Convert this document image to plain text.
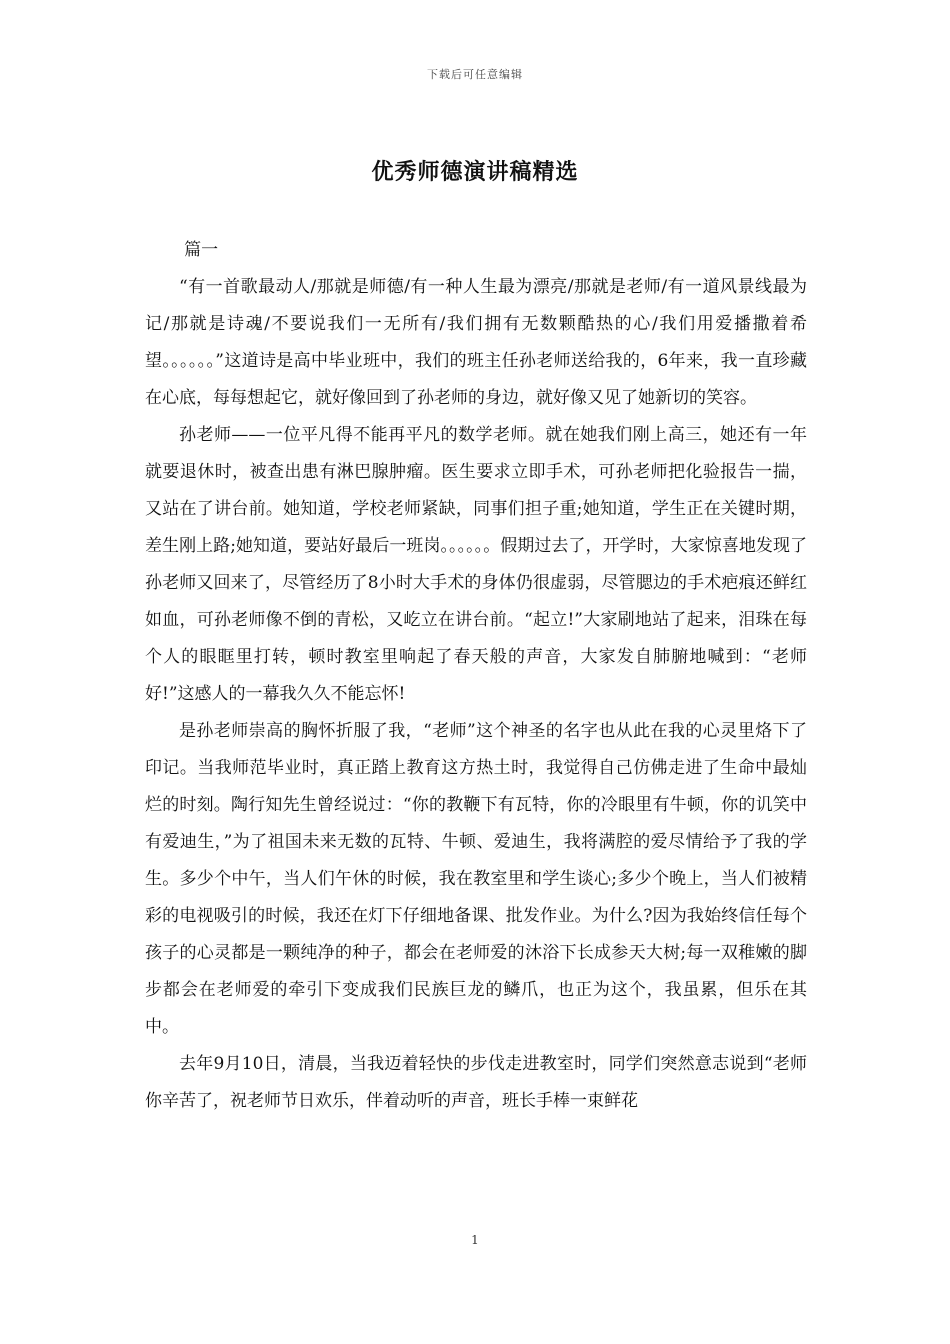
下载后可任意编辑
优秀师德演讲稿精选

篇一

“有一首歌最动人/那就是师德/有一种人生最为漂亮/那就是老师/有一道风景线最为记/那就是诗魂/不要说我们一无所有/我们拥有无数颗酷热的心/我们用爱播撒着希望。。。。。。”这道诗是高中毕业班中，我们的班主任孙老师送给我的，6年来，我一直珍藏在心底，每每想起它，就好像回到了孙老师的身边，就好像又见了她新切的笑容。

孙老师——一位平凡得不能再平凡的数学老师。就在她我们刚上高三，她还有一年就要退休时，被查出患有淋巴腺肿瘤。医生要求立即手术，可孙老师把化验报告一揣，又站在了讲台前。她知道，学校老师紧缺，同事们担子重;她知道，学生正在关键时期，差生刚上路;她知道，要站好最后一班岗。。。。。。假期过去了，开学时，大家惊喜地发现了孙老师又回来了，尽管经历了8小时大手术的身体仍很虚弱，尽管腮边的手术疤痕还鲜红如血，可孙老师像不倒的青松，又屹立在讲台前。“起立!”大家刷地站了起来，泪珠在每个人的眼眶里打转，顿时教室里响起了春天般的声音，大家发自肺腑地喊到：“老师好!”这感人的一幕我久久不能忘怀!

是孙老师崇高的胸怀折服了我，“老师”这个神圣的名字也从此在我的心灵里烙下了印记。当我师范毕业时，真正踏上教育这方热土时，我觉得自己仿佛走进了生命中最灿烂的时刻。陶行知先生曾经说过：“你的教鞭下有瓦特，你的冷眼里有牛顿，你的讥笑中有爱迪生，”为了祖国未来无数的瓦特、牛顿、爱迪生，我将满腔的爱尽情给予了我的学生。多少个中午，当人们午休的时候，我在教室里和学生谈心;多少个晚上，当人们被精彩的电视吸引的时候，我还在灯下仔细地备课、批发作业。为什么?因为我始终信任每个孩子的心灵都是一颗纯净的种子，都会在老师爱的沐浴下长成参天大树;每一双稚嫩的脚步都会在老师爱的牵引下变成我们民族巨龙的鳞爪，也正为这个，我虽累，但乐在其中。

去年9月10日，清晨，当我迈着轻快的步伐走进教室时，同学们突然意志说到“老师你辛苦了，祝老师节日欢乐，伴着动听的声音，班长手棒一束鲜花

1
